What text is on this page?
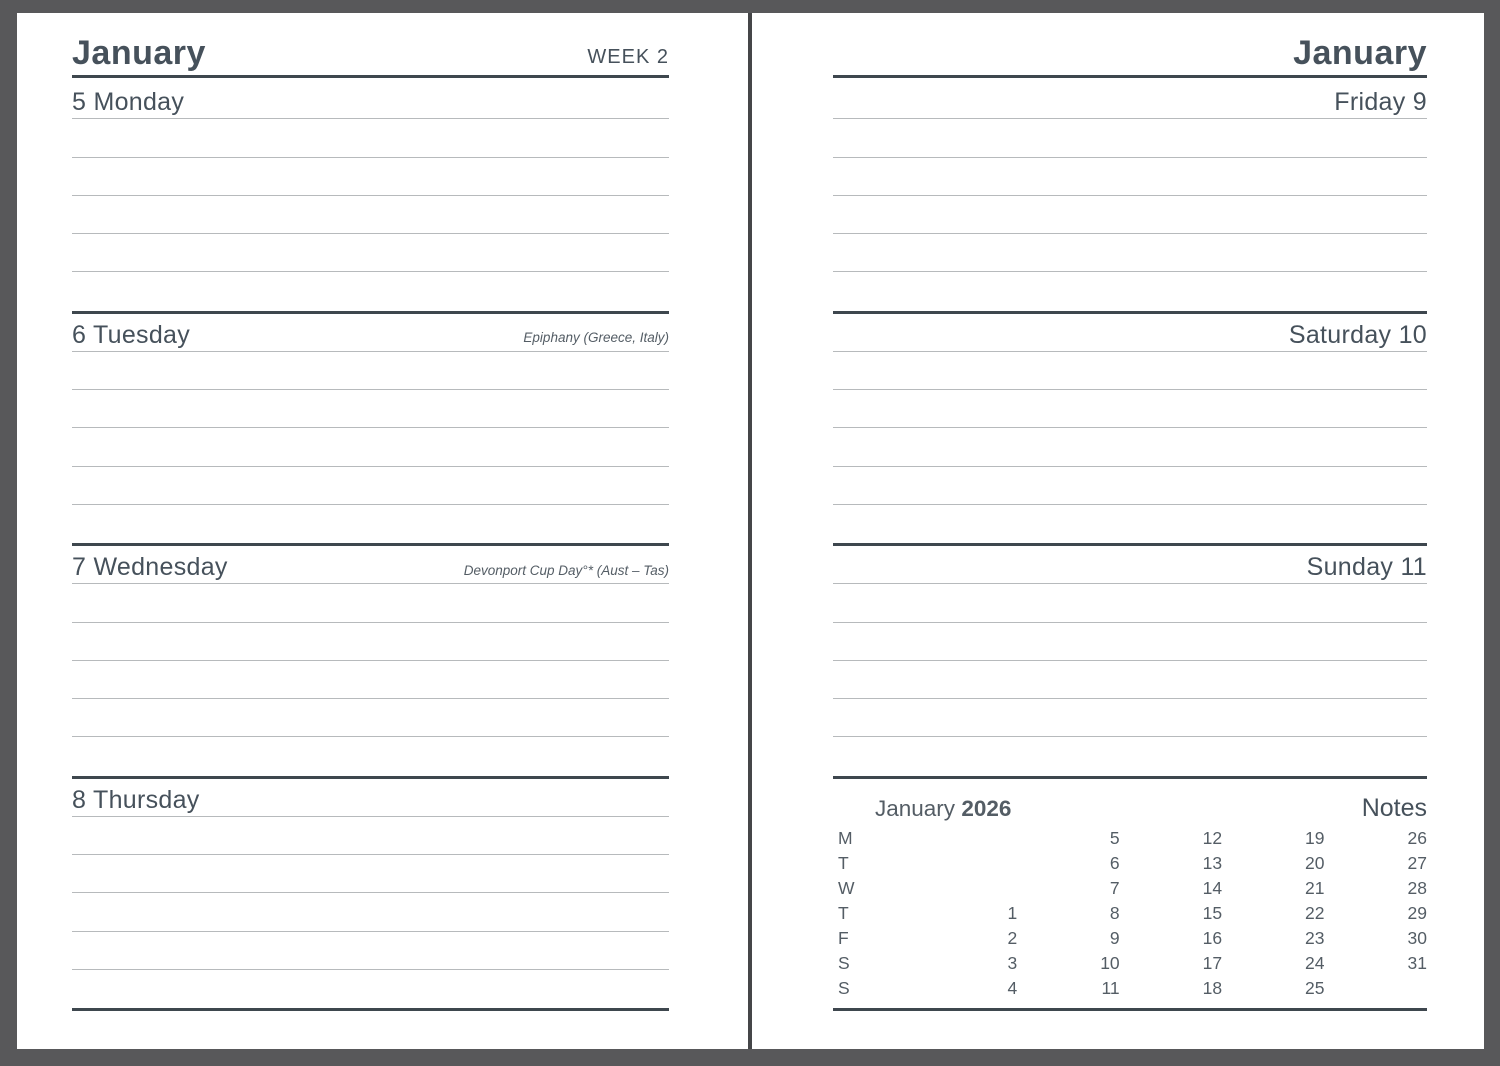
January	WEEK 2
5 Monday
6 Tuesday	Epiphany (Greece, Italy)
7 Wednesday	Devonport Cup Day°* (Aust – Tas)
8 Thursday
January
Friday 9
Saturday 10
Sunday 11
January 2026	Notes
M		5	12	19	26
T		6	13	20	27
W		7	14	21	28
T	1	8	15	22	29
F	2	9	16	23	30
S	3	10	17	24	31
S	4	11	18	25	
